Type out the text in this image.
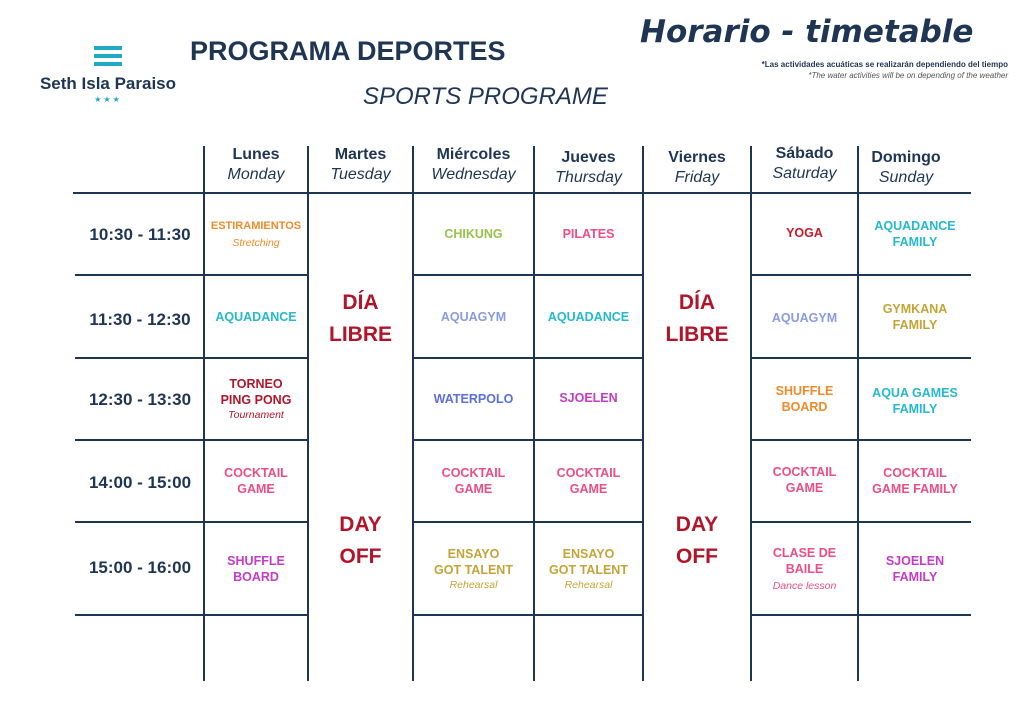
Seth Isla Paraiso
★★★
PROGRAMA DEPORTES
SPORTS PROGRAME
Horario - timetable
*Las actividades acuáticas se realizarán dependiendo del tiempo
*The water activities will be on depending of the weather
Lunes
Monday
Martes
Tuesday
Miércoles
Wednesday
Jueves
Thursday
Viernes
Friday
Sábado
Saturday
Domingo
Sunday
10:30 - 11:30
11:30 - 12:30
12:30 - 13:30
14:00 - 15:00
15:00 - 16:00
DÍA
LIBRE
DAY
OFF
DÍA
LIBRE
DAY
OFF
ESTIRAMIENTOS
Stretching
AQUADANCE
TORNEO
PING PONG
Tournament
COCKTAIL
GAME
SHUFFLE
BOARD
CHIKUNG
AQUAGYM
WATERPOLO
COCKTAIL
GAME
ENSAYO
GOT TALENT
Rehearsal
PILATES
AQUADANCE
SJOELEN
COCKTAIL
GAME
ENSAYO
GOT TALENT
Rehearsal
YOGA
AQUAGYM
SHUFFLE
BOARD
COCKTAIL
GAME
CLASE DE
BAILE
Dance lesson
AQUADANCE
FAMILY
GYMKANA
FAMILY
AQUA GAMES
FAMILY
COCKTAIL
GAME FAMILY
SJOELEN
FAMILY
